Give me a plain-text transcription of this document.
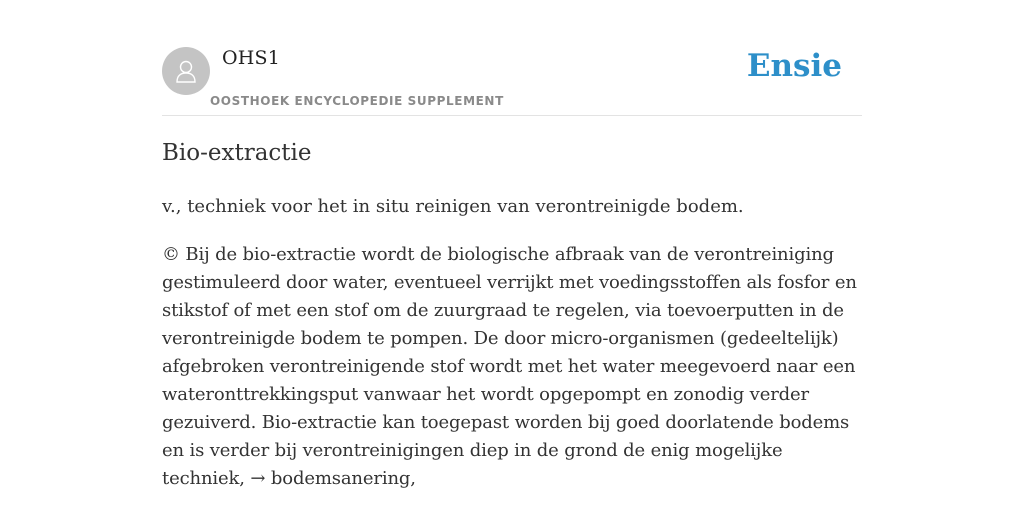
OHS1
OOSTHOEK ENCYCLOPEDIE SUPPLEMENT
Ensie
Bio-extractie

v., techniek voor het in situ reinigen van verontreinigde bodem.

© Bij de bio-extractie wordt de biologische afbraak van de verontreiniging gestimuleerd door water, eventueel verrijkt met voedingsstoffen als fosfor en stikstof of met een stof om de zuurgraad te regelen, via toevoerputten in de verontreinigde bodem te pompen. De door micro-organismen (gedeeltelijk) afgebroken verontreinigende stof wordt met het water meegevoerd naar een wateronttrekkingsput vanwaar het wordt opgepompt en zonodig verder gezuiverd. Bio-extractie kan toegepast worden bij goed doorlatende bodems en is verder bij verontreinigingen diep in de grond de enig mogelijke techniek, → bodemsanering,
